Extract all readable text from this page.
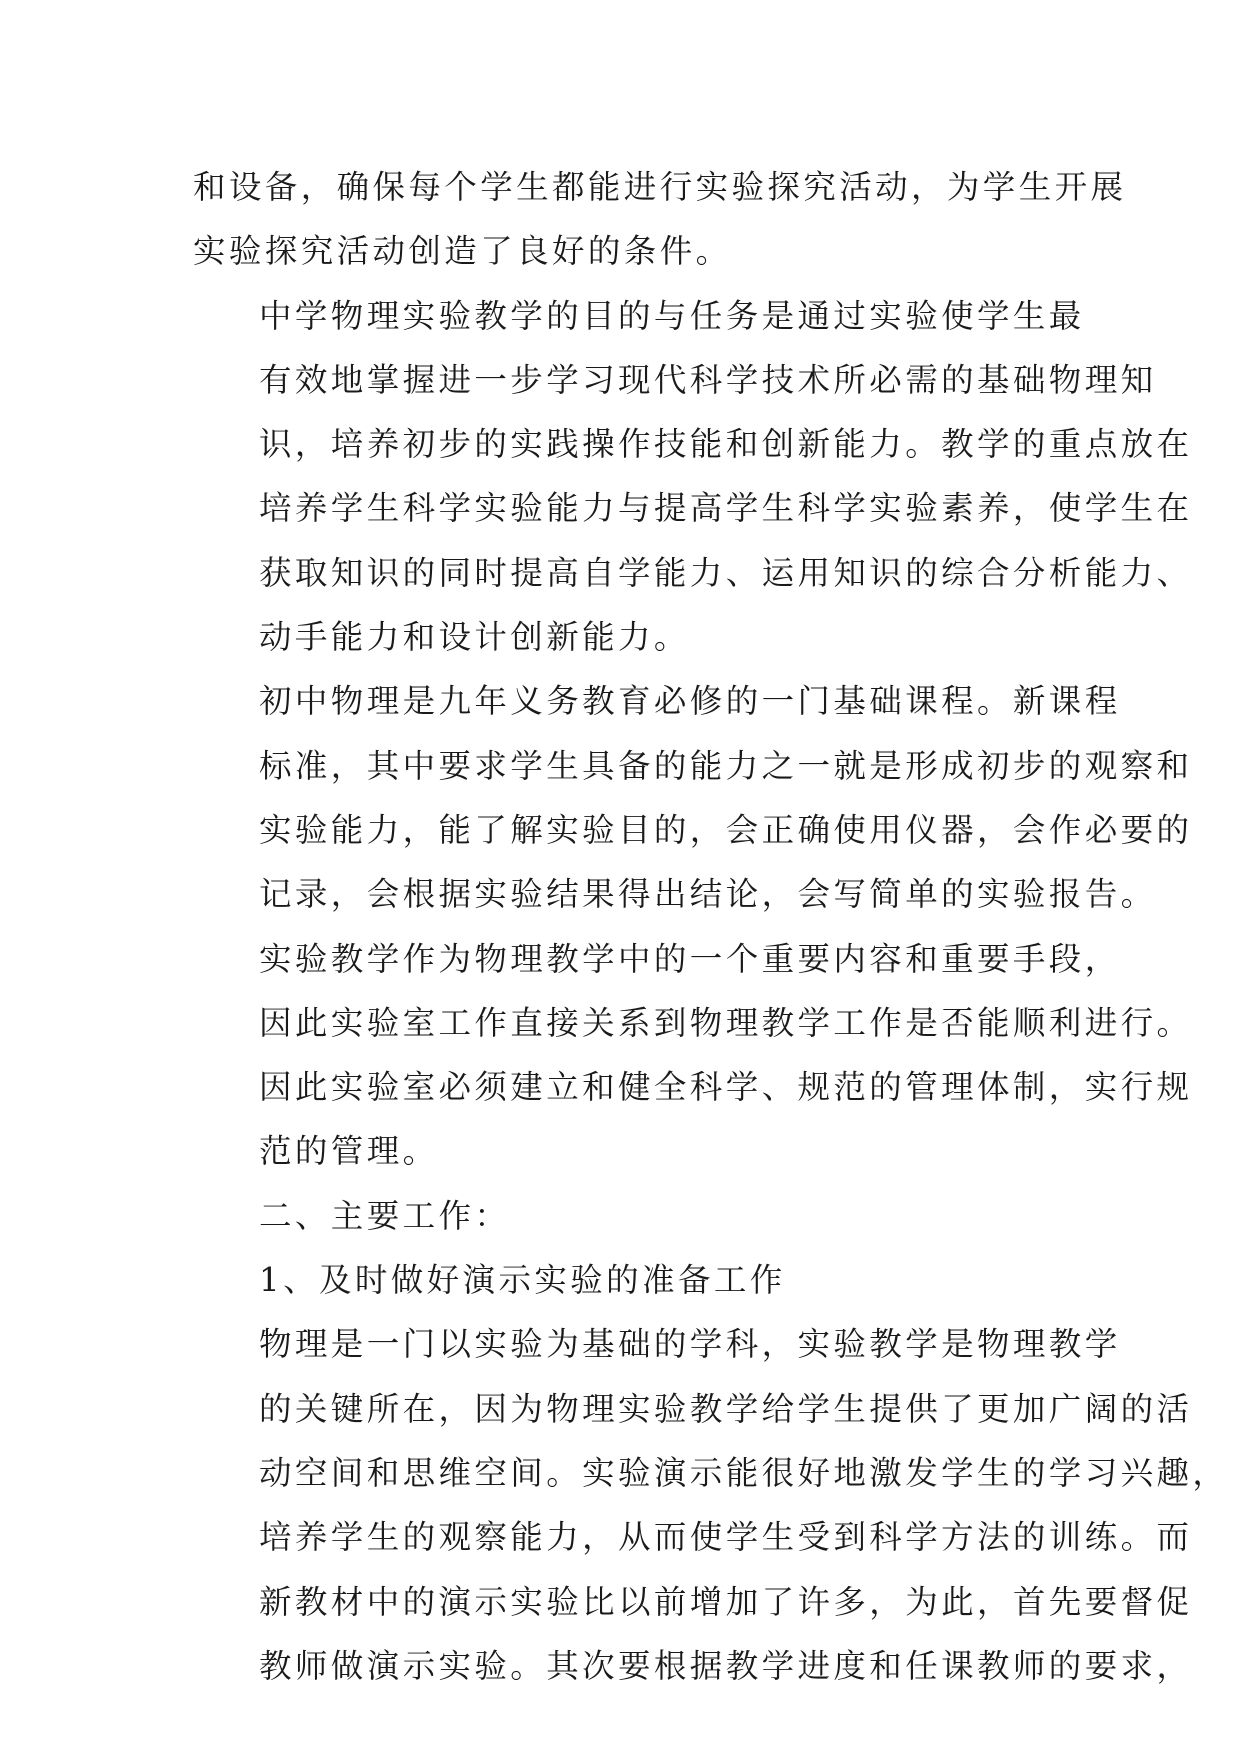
和设备，确保每个学生都能进行实验探究活动，为学生开展
实验探究活动创造了良好的条件。
中学物理实验教学的目的与任务是通过实验使学生最
有效地掌握进一步学习现代科学技术所必需的基础物理知
识，培养初步的实践操作技能和创新能力。教学的重点放在
培养学生科学实验能力与提高学生科学实验素养，使学生在
获取知识的同时提高自学能力、运用知识的综合分析能力、
动手能力和设计创新能力。
初中物理是九年义务教育必修的一门基础课程。新课程
标准，其中要求学生具备的能力之一就是形成初步的观察和
实验能力，能了解实验目的，会正确使用仪器，会作必要的
记录，会根据实验结果得出结论，会写简单的实验报告。
实验教学作为物理教学中的一个重要内容和重要手段，
因此实验室工作直接关系到物理教学工作是否能顺利进行。
因此实验室必须建立和健全科学、规范的管理体制，实行规
范的管理。
二、主要工作：
1、及时做好演示实验的准备工作
物理是一门以实验为基础的学科，实验教学是物理教学
的关键所在，因为物理实验教学给学生提供了更加广阔的活
动空间和思维空间。实验演示能很好地激发学生的学习兴趣，
培养学生的观察能力，从而使学生受到科学方法的训练。而
新教材中的演示实验比以前增加了许多，为此，首先要督促
教师做演示实验。其次要根据教学进度和任课教师的要求，
